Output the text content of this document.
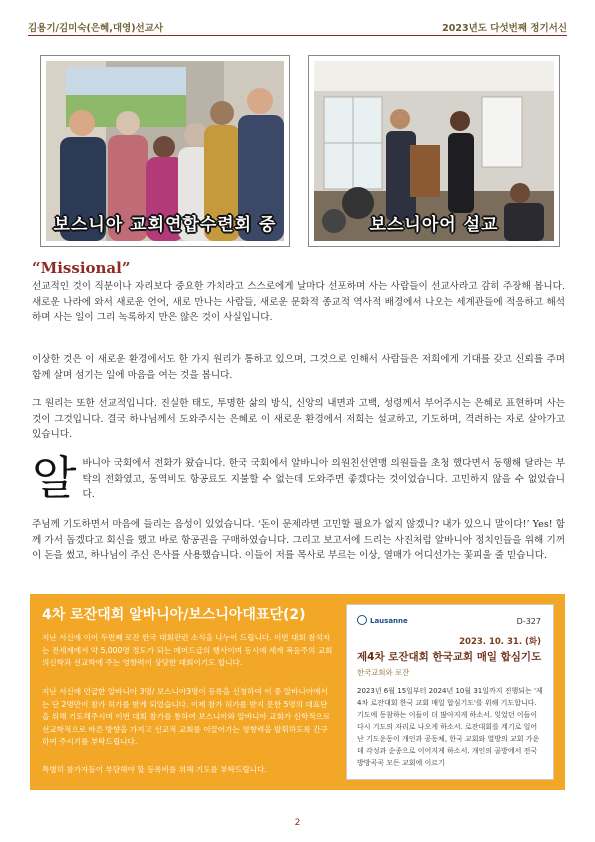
김용기/김미숙(은혜,대영)선교사	2023년도 다섯번째 정기서신
보스니아 교회연합수련회 중	보스니아어 설교
“Missional”

선교적인 것이 직분이나 자리보다 중요한 가치라고 스스로에게 날마다 선포하며 사는 사람들이 선교사라고 감히 주장해 봅니다. 새로운 나라에 와서 새로운 언어, 새로 만나는 사람들, 새로운 문화적 종교적 역사적 배경에서 나오는 세계관들에 적응하고 해석하며 사는 일이 그리 녹록하지 만은 않은 것이 사실입니다.

이상한 것은 이 새로운 환경에서도 한 가지 원리가 통하고 있으며, 그것으로 인해서 사람들은 저희에게 기대를 갖고 신뢰를 주며 함께 살며 섬기는 일에 마음을 여는 것을 봅니다.

그 원리는 또한 선교적입니다. 진실한 태도, 투명한 삶의 방식, 신앙의 내면과 고백, 성령께서 부어주시는 은혜로 표현하며 사는 것이 그것입니다. 결국 하나님께서 도와주시는 은혜로 이 새로운 환경에서 저희는 설교하고, 기도하며, 격려하는 자로 살아가고 있습니다.

알 바니아 국회에서 전화가 왔습니다. 한국 국회에서 알바니아 의원친선연맹 의원들을 초청 했다면서 동행해 달라는 부탁의 전화였고, 동역비도 항공료도 지불할 수 없는데 도와주면 좋겠다는 것이었습니다. 고민하지 않을 수 없었습니다.

주님께 기도하면서 마음에 들리는 음성이 있었습니다. ‘돈이 문제라면 고민할 필요가 없지 않겠니? 내가 있으니 말이다!’ Yes! 함께 가서 돕겠다고 회신을 했고 바로 항공권을 구매하였습니다. 그리고 보고서에 드리는 사진처럼 알바니아 정치인들을 위해 기꺼이 돈을 썼고, 하나님이 주신 은사를 사용했습니다. 이들이 저를 목사로 부르는 이상, 열매가 어디선가는 꽃피울 줄 믿습니다.

4차 로잔대회 알바니아/보스니아대표단(2)

지난 서신에 이어 두번째 로잔 한국 대회관련 소식을 나누어 드립니다. 이번 대회 참석자는 전세계에서 약 5,000명 정도가 되는 메머드급의 행사이며 동시에 세계 복음주의 교회의신학과 선교학에 주는 영향력이 상당한 대회이기도 합니다.

지난 서신에 언급한 알바니아 3명/ 보스니아3명이 등록을 신청하여 이 중 알바니아에서는 단 2명만이 참가 허가를 받게 되었습니다. 이제 참가 허가를 받지 못한 5명의 대표단을 위해 기도해주시며 이번 대회 참가를 통하여 보스니아와 알바니아 교회가 신학적으로 선교학적으로 바른 방향을 가지고 선교적 교회를 이끌어가는 영향력을 발휘하도록 간구하여 주시기를 부탁드립니다.

특별히 참가자들이 부담해야 할 등록비를 위해 기도를 부탁드립니다.

Lausanne	D-327
2023. 10. 31. (화)
제4차 로잔대회 한국교회 매일 합심기도
한국교회와 로잔

2023년 6월 15일부터 2024년 10월 31일까지 진행되는 '제4차 로잔대회 한국 교회 매일 합심기도'를 위해 기도합니다. 기도에 동참하는 이들이 더 많아지게 하소서. 잊었던 이들이 다시 기도의 자리로 나오게 하소서. 로잔대회를 계기로 일어난 기도운동이 개인과 공동체, 한국 교회와 열방의 교회 가운데 각성과 순종으로 이어지게 하소서. 개인의 골방에서 전국 방방곡곡 모든 교회에 이르기

2
